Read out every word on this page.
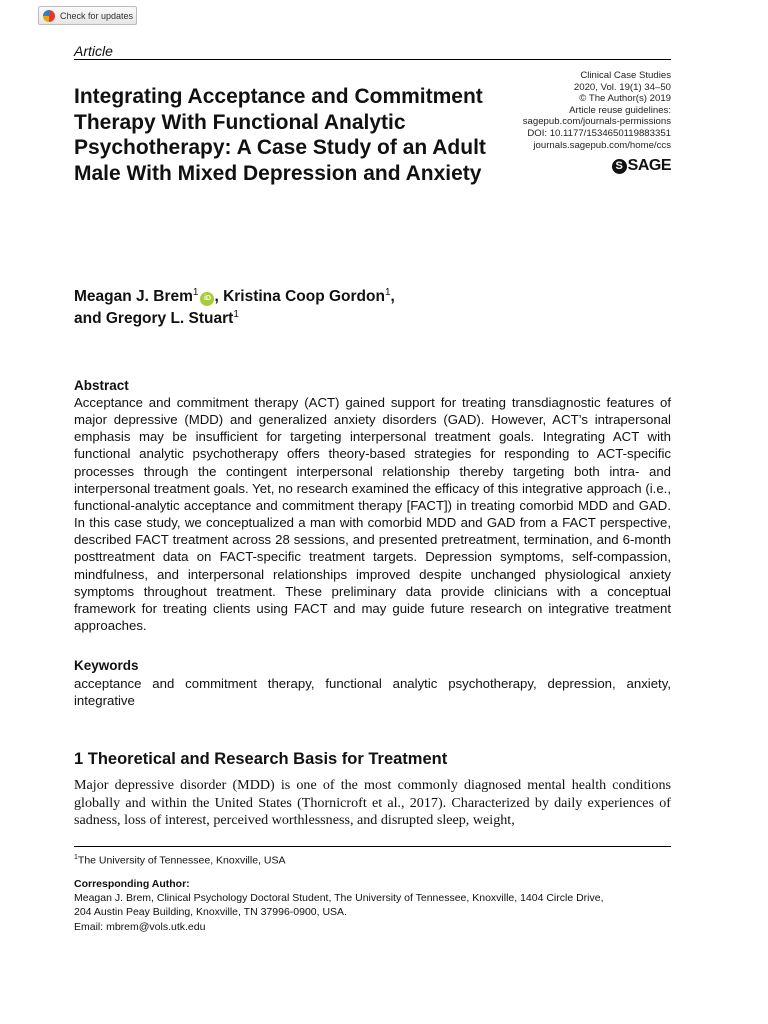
Check for updates
Article
Clinical Case Studies
2020, Vol. 19(1) 34–50
© The Author(s) 2019
Article reuse guidelines:
sagepub.com/journals-permissions
DOI: 10.1177/1534650119883351
journals.sagepub.com/home/ccs
S SAGE
Integrating Acceptance and Commitment Therapy With Functional Analytic Psychotherapy: A Case Study of an Adult Male With Mixed Depression and Anxiety
Meagan J. Brem$^1$iD , Kristina Coop Gordon$^1$,
and Gregory L. Stuart$^1$
Abstract
Acceptance and commitment therapy (ACT) gained support for treating transdiagnostic features of major depressive (MDD) and generalized anxiety disorders (GAD). However, ACT’s intrapersonal emphasis may be insufficient for targeting interpersonal treatment goals. Integrating ACT with functional analytic psychotherapy offers theory-based strategies for responding to ACT-specific processes through the contingent interpersonal relationship thereby targeting both intra- and interpersonal treatment goals. Yet, no research examined the efficacy of this integrative approach (i.e., functional-analytic acceptance and commitment therapy [FACT]) in treating comorbid MDD and GAD. In this case study, we conceptualized a man with comorbid MDD and GAD from a FACT perspective, described FACT treatment across 28 sessions, and presented pretreatment, termination, and 6-month posttreatment data on FACT-specific treatment targets. Depression symptoms, self-compassion, mindfulness, and interpersonal relationships improved despite unchanged physiological anxiety symptoms throughout treatment. These preliminary data provide clinicians with a conceptual framework for treating clients using FACT and may guide future research on integrative treatment approaches.
Keywords
acceptance and commitment therapy, functional analytic psychotherapy, depression, anxiety, integrative
1 Theoretical and Research Basis for Treatment
Major depressive disorder (MDD) is one of the most commonly diagnosed mental health conditions globally and within the United States (Thornicroft et al., 2017). Characterized by daily experiences of sadness, loss of interest, perceived worthlessness, and disrupted sleep, weight,
$^1$The University of Tennessee, Knoxville, USA
Corresponding Author:
Meagan J. Brem, Clinical Psychology Doctoral Student, The University of Tennessee, Knoxville, 1404 Circle Drive,
204 Austin Peay Building, Knoxville, TN 37996-0900, USA.
Email: mbrem@vols.utk.edu
